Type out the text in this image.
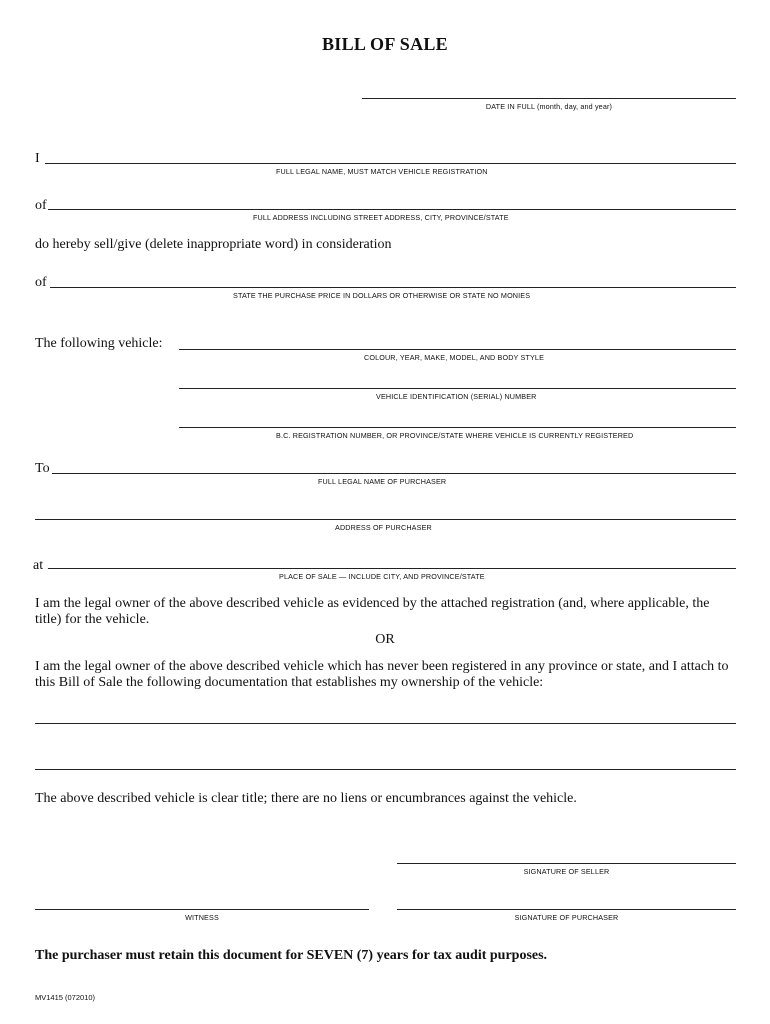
BILL OF SALE
DATE IN FULL (month, day, and year)
I
FULL LEGAL NAME, MUST MATCH VEHICLE REGISTRATION
of
FULL ADDRESS INCLUDING STREET ADDRESS, CITY, PROVINCE/STATE
do hereby sell/give (delete inappropriate word) in consideration
of
STATE THE PURCHASE PRICE IN DOLLARS OR OTHERWISE OR STATE NO MONIES
The following vehicle:
COLOUR, YEAR, MAKE, MODEL, AND BODY STYLE
VEHICLE IDENTIFICATION (SERIAL) NUMBER
B.C. REGISTRATION NUMBER, OR PROVINCE/STATE WHERE VEHICLE IS CURRENTLY REGISTERED
To
FULL LEGAL NAME OF PURCHASER
ADDRESS OF PURCHASER
at
PLACE OF SALE — INCLUDE CITY, AND PROVINCE/STATE
I am the legal owner of the above described vehicle as evidenced by the attached registration (and, where applicable, the title) for the vehicle.
OR
I am the legal owner of the above described vehicle which has never been registered in any province or state, and I attach to this Bill of Sale the following documentation that establishes my ownership of the vehicle:
The above described vehicle is clear title; there are no liens or encumbrances against the vehicle.
SIGNATURE OF SELLER
WITNESS	SIGNATURE OF PURCHASER
The purchaser must retain this document for SEVEN (7) years for tax audit purposes.
MV1415 (072010)
